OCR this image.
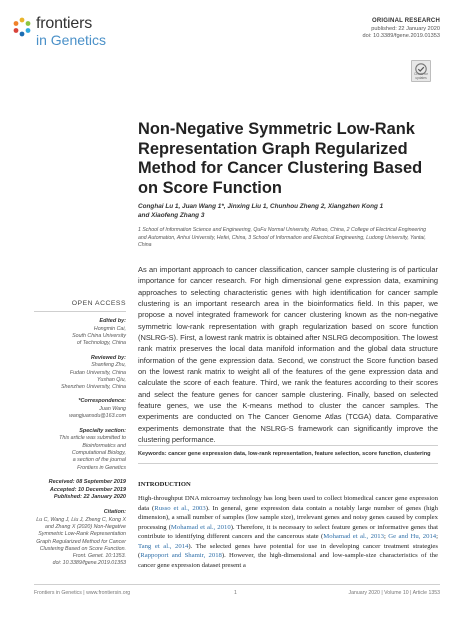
frontiers
in Genetics
ORIGINAL RESEARCH
published: 22 January 2020
doi: 10.3389/fgene.2019.01353
Check for updates
Non-Negative Symmetric Low-Rank Representation Graph Regularized Method for Cancer Clustering Based on Score Function
Conghai Lu 1, Juan Wang 1*, Jinxing Liu 1, Chunhou Zheng 2, Xiangzhen Kong 1
and Xiaofeng Zhang 3
1 School of Information Science and Engineering, QuFu Normal University, Rizhao, China, 2 College of Electrical Engineering
and Automation, Anhui University, Hefei, China, 3 School of Information and Electrical Engineering, Ludong University, Yantai,
China

As an important approach to cancer classification, cancer sample clustering is of particular importance for cancer research. For high dimensional gene expression data, examining approaches to selecting characteristic genes with high identification for cancer sample clustering is an important research area in the bioinformatics field. In this paper, we propose a novel integrated framework for cancer clustering known as the non-negative symmetric low-rank representation with graph regularization based on score function (NSLRG-S). First, a lowest rank matrix is obtained after NSLRG decomposition. The lowest rank matrix preserves the local data manifold information and the global data structure information of the gene expression data. Second, we construct the Score function based on the lowest rank matrix to weight all of the features of the gene expression data and calculate the score of each feature. Third, we rank the features according to their scores and select the feature genes for cancer sample clustering. Finally, based on selected feature genes, we use the K-means method to cluster the cancer samples. The experiments are conducted on The Cancer Genome Atlas (TCGA) data. Comparative experiments demonstrate that the NSLRG-S framework can significantly improve the clustering performance.

Keywords: cancer gene expression data, low-rank representation, feature selection, score function, clustering
INTRODUCTION

High-throughput DNA microarray technology has long been used to collect biomedical cancer gene expression data (Russo et al., 2003). In general, gene expression data contain a notably large number of genes (high dimension), a small number of samples (low sample size), irrelevant genes and noisy genes caused by complex processing (Mohamad et al., 2010). Therefore, it is necessary to select feature genes or informative genes that contribute to identifying different cancers and the cancerous state (Mohamad et al., 2013; Ge and Hu, 2014; Tang et al., 2014). The selected genes have potential for use in developing cancer treatment strategies (Rappoport and Shamir, 2018). However, the high-dimensional and low-sample-size characteristics of the cancer gene expression dataset present a

OPEN ACCESS
Edited by:
Hongmin Cai,
South China University
of Technology, China
Reviewed by:
Shanfeng Zhu,
Fudan University, China
Yushan Qiu,
Shenzhen University, China
*Correspondence:
Juan Wang
wangjuansdu@163.com
Specialty section:
This article was submitted to
Bioinformatics and
Computational Biology,
a section of the journal
Frontiers in Genetics
Received: 08 September 2019
Accepted: 10 December 2019
Published: 22 January 2020
Citation:
Lu C, Wang J, Liu J, Zheng C, Kong X
and Zhang X (2020) Non-Negative
Symmetric Low-Rank Representation
Graph Regularized Method for Cancer
Clustering Based on Score Function.
Front. Genet. 10:1353.
doi: 10.3389/fgene.2019.01353
Frontiers in Genetics | www.frontiersin.org	1	January 2020 | Volume 10 | Article 1353
